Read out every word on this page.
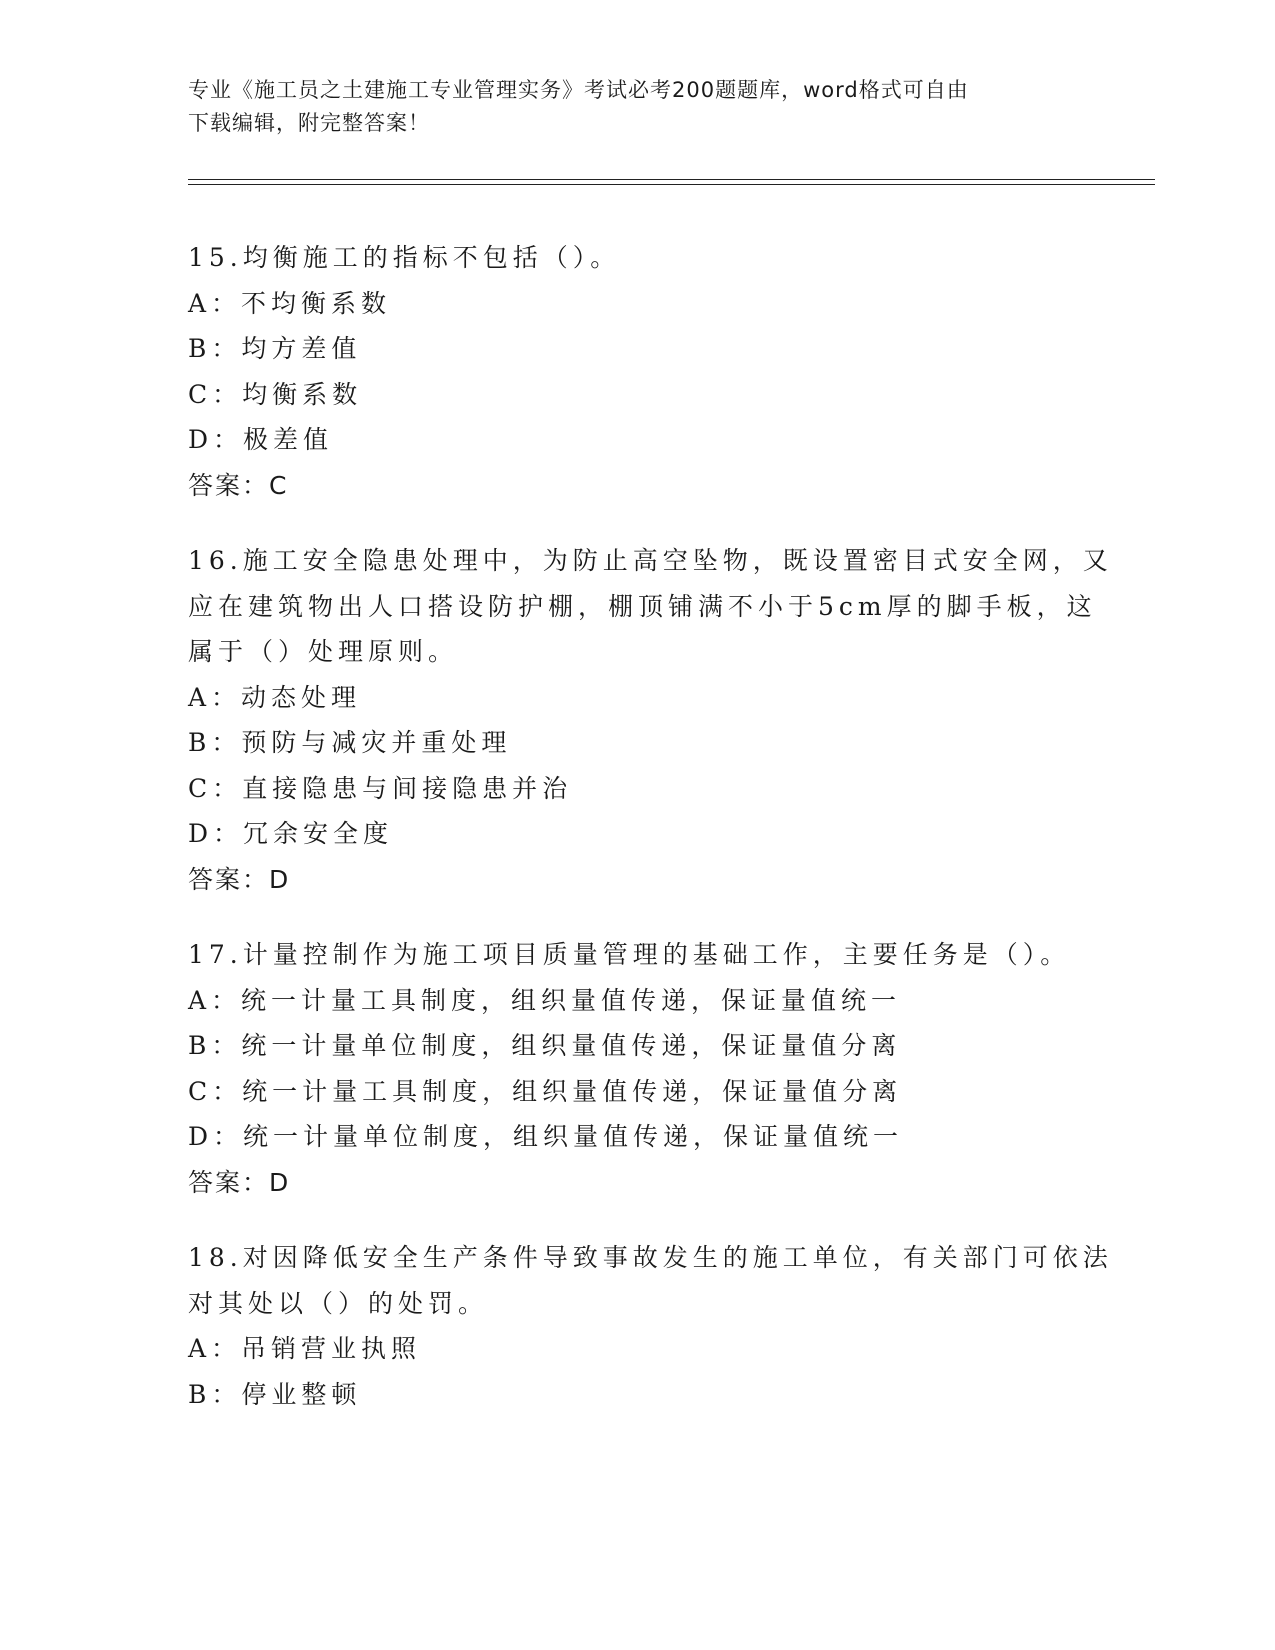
专业《施工员之土建施工专业管理实务》考试必考200题题库，word格式可自由
下载编辑，附完整答案！
15.均衡施工的指标不包括（）。
A：不均衡系数
B：均方差值
C：均衡系数
D：极差值
答案：C
16.施工安全隐患处理中，为防止高空坠物，既设置密目式安全网，又
应在建筑物出人口搭设防护棚，棚顶铺满不小于5cm厚的脚手板，这
属于（）处理原则。
A：动态处理
B：预防与减灾并重处理
C：直接隐患与间接隐患并治
D：冗余安全度
答案：D
17.计量控制作为施工项目质量管理的基础工作，主要任务是（）。
A：统一计量工具制度，组织量值传递，保证量值统一
B：统一计量单位制度，组织量值传递，保证量值分离
C：统一计量工具制度，组织量值传递，保证量值分离
D：统一计量单位制度，组织量值传递，保证量值统一
答案：D
18.对因降低安全生产条件导致事故发生的施工单位，有关部门可依法
对其处以（）的处罚。
A：吊销营业执照
B：停业整顿
